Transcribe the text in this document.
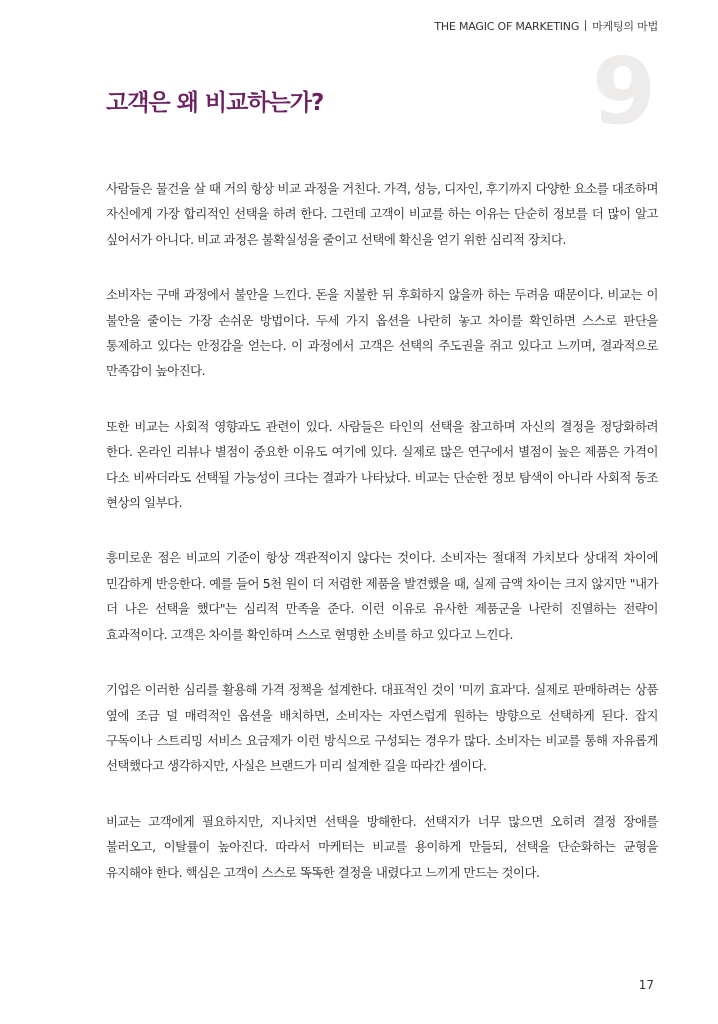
THE MAGIC OF MARKETING 마케팅의 마법
9
고객은 왜 비교하는가?

사람들은 물건을 살 때 거의 항상 비교 과정을 거친다. 가격, 성능, 디자인, 후기까지 다양한 요소를 대조하며 자신에게 가장 합리적인 선택을 하려 한다. 그런데 고객이 비교를 하는 이유는 단순히 정보를 더 많이 알고 싶어서가 아니다. 비교 과정은 불확실성을 줄이고 선택에 확신을 얻기 위한 심리적 장치다.

소비자는 구매 과정에서 불안을 느낀다. 돈을 지불한 뒤 후회하지 않을까 하는 두려움 때문이다. 비교는 이 불안을 줄이는 가장 손쉬운 방법이다. 두세 가지 옵션을 나란히 놓고 차이를 확인하면 스스로 판단을 통제하고 있다는 안정감을 얻는다. 이 과정에서 고객은 선택의 주도권을 쥐고 있다고 느끼며, 결과적으로 만족감이 높아진다.

또한 비교는 사회적 영향과도 관련이 있다. 사람들은 타인의 선택을 참고하며 자신의 결정을 정당화하려 한다. 온라인 리뷰나 별점이 중요한 이유도 여기에 있다. 실제로 많은 연구에서 별점이 높은 제품은 가격이 다소 비싸더라도 선택될 가능성이 크다는 결과가 나타났다. 비교는 단순한 정보 탐색이 아니라 사회적 동조 현상의 일부다.

흥미로운 점은 비교의 기준이 항상 객관적이지 않다는 것이다. 소비자는 절대적 가치보다 상대적 차이에 민감하게 반응한다. 예를 들어 5천 원이 더 저렴한 제품을 발견했을 때, 실제 금액 차이는 크지 않지만 "내가 더 나은 선택을 했다"는 심리적 만족을 준다. 이런 이유로 유사한 제품군을 나란히 진열하는 전략이 효과적이다. 고객은 차이를 확인하며 스스로 현명한 소비를 하고 있다고 느낀다.

기업은 이러한 심리를 활용해 가격 정책을 설계한다. 대표적인 것이 '미끼 효과'다. 실제로 판매하려는 상품 옆에 조금 덜 매력적인 옵션을 배치하면, 소비자는 자연스럽게 원하는 방향으로 선택하게 된다. 잡지 구독이나 스트리밍 서비스 요금제가 이런 방식으로 구성되는 경우가 많다. 소비자는 비교를 통해 자유롭게 선택했다고 생각하지만, 사실은 브랜드가 미리 설계한 길을 따라간 셈이다.

비교는 고객에게 필요하지만, 지나치면 선택을 방해한다. 선택지가 너무 많으면 오히려 결정 장애를 불러오고, 이탈률이 높아진다. 따라서 마케터는 비교를 용이하게 만들되, 선택을 단순화하는 균형을 유지해야 한다. 핵심은 고객이 스스로 똑똑한 결정을 내렸다고 느끼게 만드는 것이다.

17
